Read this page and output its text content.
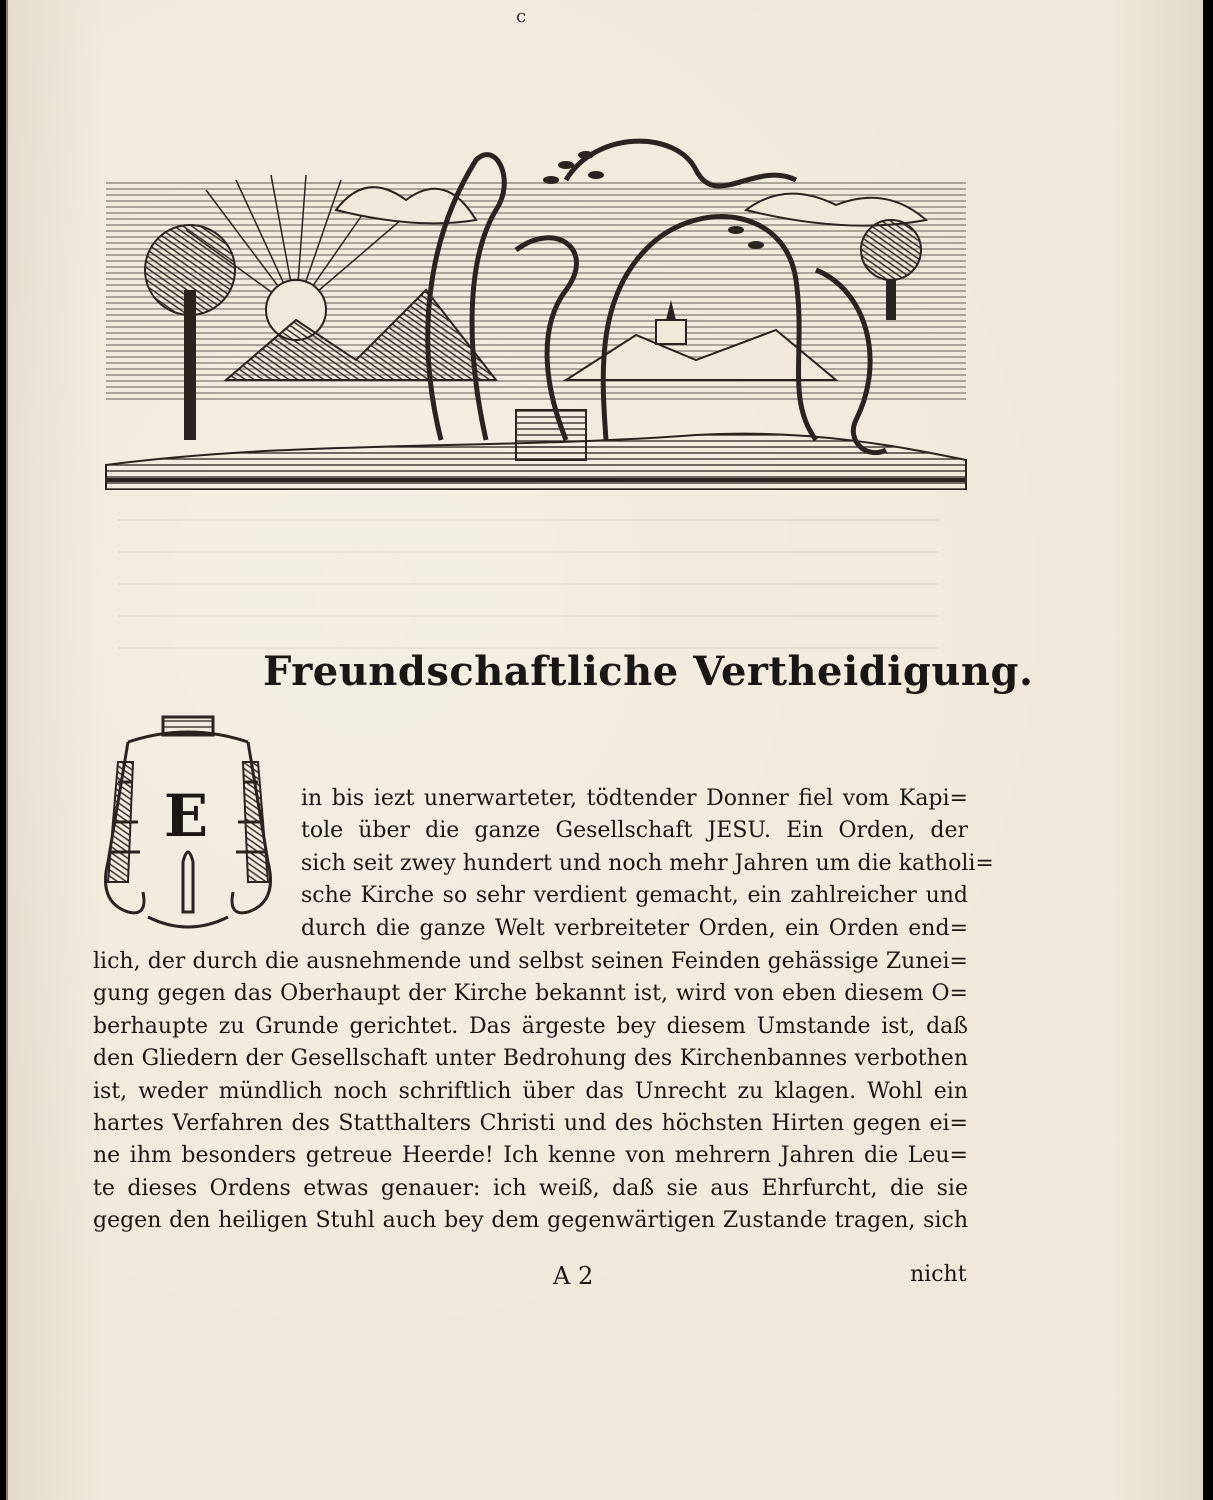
c
Freundschaftliche Vertheidigung.
E	in bis iezt unerwarteter, tödtender Donner fiel vom Kapi=
tole über die ganze Gesellschaft JESU. Ein Orden, der
sich seit zwey hundert und noch mehr Jahren um die katholi=
sche Kirche so sehr verdient gemacht, ein zahlreicher und
durch die ganze Welt verbreiteter Orden, ein Orden end=
lich, der durch die ausnehmende und selbst seinen Feinden gehässige Zunei=
gung gegen das Oberhaupt der Kirche bekannt ist, wird von eben diesem O=
berhaupte zu Grunde gerichtet. Das ärgeste bey diesem Umstande ist, daß
den Gliedern der Gesellschaft unter Bedrohung des Kirchenbannes verbothen
ist, weder mündlich noch schriftlich über das Unrecht zu klagen. Wohl ein
hartes Verfahren des Statthalters Christi und des höchsten Hirten gegen ei=
ne ihm besonders getreue Heerde! Ich kenne von mehrern Jahren die Leu=
te dieses Ordens etwas genauer: ich weiß, daß sie aus Ehrfurcht, die sie
gegen den heiligen Stuhl auch bey dem gegenwärtigen Zustande tragen, sich
A 2	nicht
